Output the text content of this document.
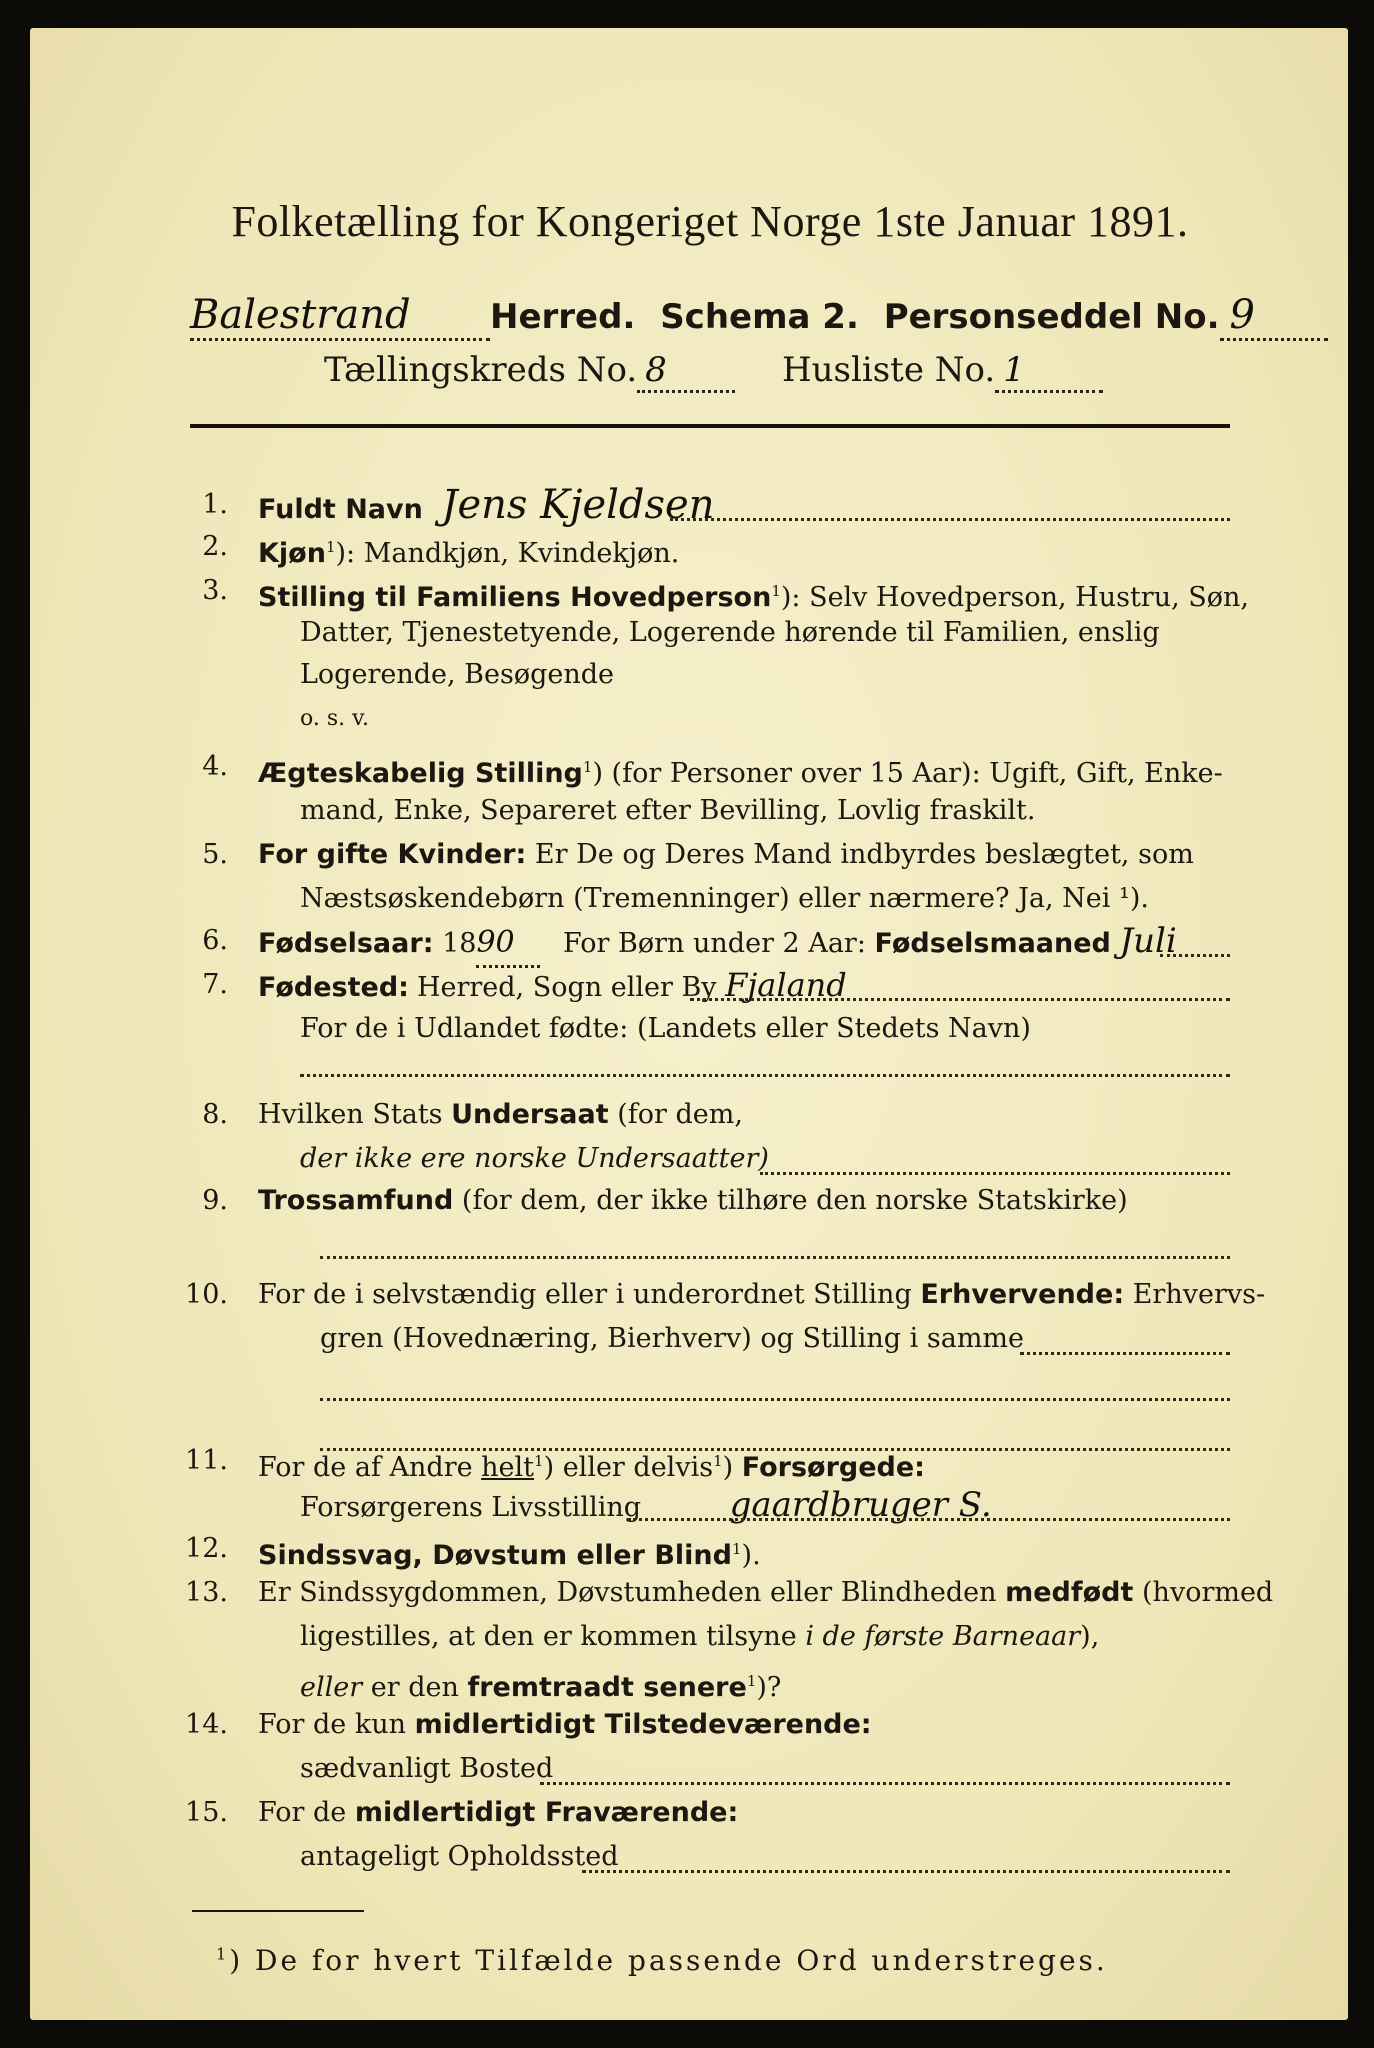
Folketælling for Kongeriget Norge 1ste Januar 1891.
Balestrand Herred. Schema 2. Personseddel No. 9
Tællingskreds No. 8	Husliste No. 1
1. Fuldt Navn Jens Kjeldsen
2. Kjøn$^1$): Mandkjøn, Kvindekjøn.
3. Stilling til Familiens Hovedperson$^1$): Selv Hovedperson, Hustru, Søn,
Datter, Tjenestetyende, Logerende hørende til Familien, enslig
Logerende, Besøgende
o. s. v.
4. Ægteskabelig Stilling$^1$) (for Personer over 15 Aar): Ugift, Gift, Enke-
mand, Enke, Separeret efter Bevilling, Lovlig fraskilt.
5. For gifte Kvinder: Er De og Deres Mand indbyrdes beslægtet, som
Næstsøskendebørn (Tremenninger) eller nærmere? Ja, Nei ¹).
6. Fødselsaar: 1890 For Børn under 2 Aar: Fødselsmaaned Juli
7. Fødested: Herred, Sogn eller By Fjaland
For de i Udlandet fødte: (Landets eller Stedets Navn)
8. Hvilken Stats Undersaat (for dem,
der ikke ere norske Undersaatter)
9. Trossamfund (for dem, der ikke tilhøre den norske Statskirke)
10. For de i selvstændig eller i underordnet Stilling Erhvervende: Erhvervs-
gren (Hovednæring, Bierhverv) og Stilling i samme
11. For de af Andre helt$^1$) eller delvis$^1$) Forsørgede:
Forsørgerens Livsstilling	gaardbruger S.
12. Sindssvag, Døvstum eller Blind$^1$).
13. Er Sindssygdommen, Døvstumheden eller Blindheden medfødt (hvormed
ligestilles, at den er kommen tilsyne i de første Barneaar),
eller er den fremtraadt senere$^1$)?
14. For de kun midlertidigt Tilstedeværende:
sædvanligt Bosted
15. For de midlertidigt Fraværende:
antageligt Opholdssted
$^1$) De for hvert Tilfælde passende Ord understreges.
